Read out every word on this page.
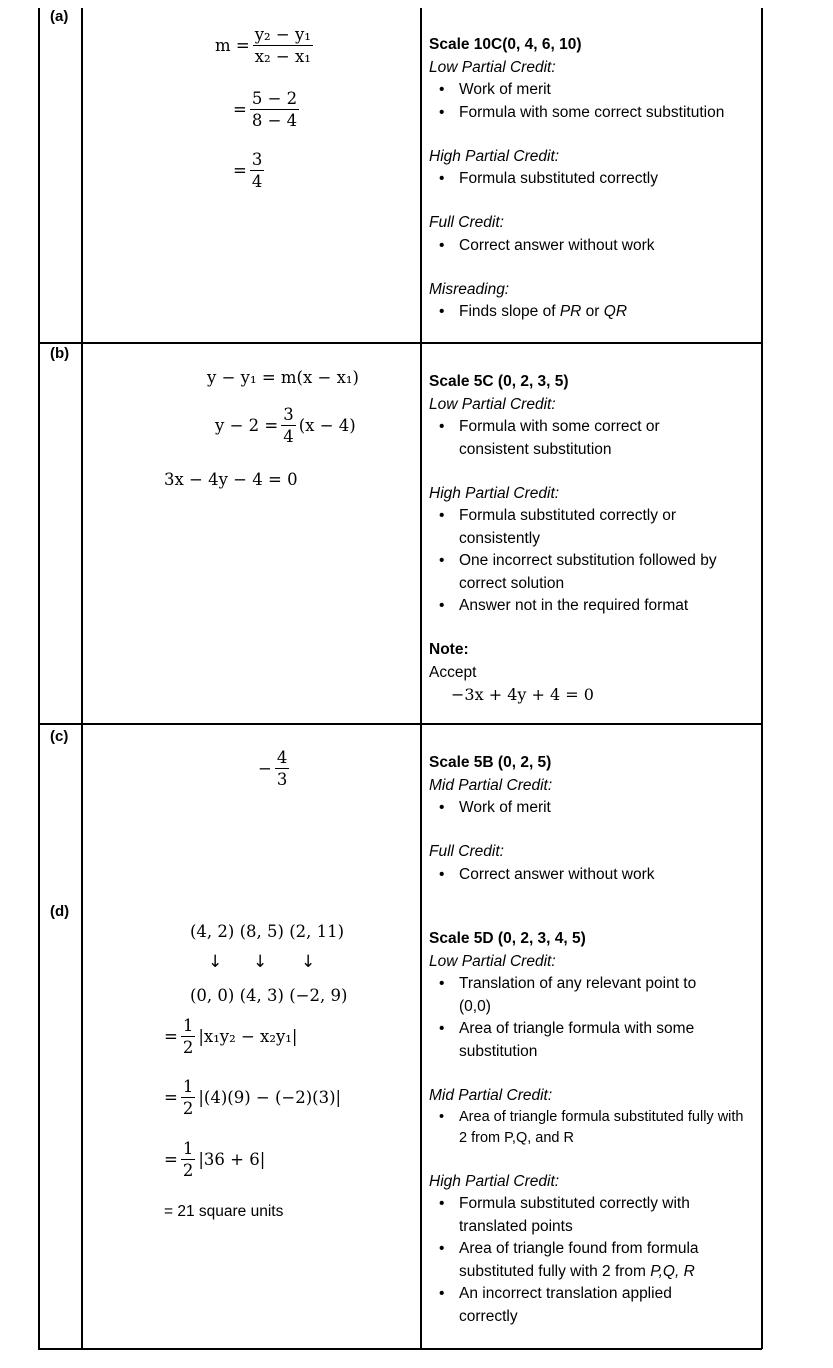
(a)
$m = \frac{\text{y₂ − y₁}}{\text{x₂ − x₁}}$
= $\frac{5 - 2}{8 - 4}$
= $\frac{3}{4}$
Scale 10C(0, 4, 6, 10)
Low Partial Credit:
• Work of merit
• Formula with some correct substitution
High Partial Credit:
• Formula substituted correctly
Full Credit:
• Correct answer without work
Misreading:
• Finds slope of PR or QR
(b)
y − y₁ = m(x − x₁)
$y - 2 = \frac{3}{4} (x - 4)$
3x − 4y − 4 = 0
Scale 5C (0, 2, 3, 5)
Low Partial Credit:
• Formula with some correct or consistent substitution
High Partial Credit:
• Formula substituted correctly or consistently
• One incorrect substitution followed by correct solution
• Answer not in the required format
Note:
Accept
−3x + 4y + 4 = 0
(c)
− $\frac{4}{3}$	Scale 5B (0, 2, 5)
Mid Partial Credit:
• Work of merit
Full Credit:
• Correct answer without work
(d)
(4, 2) (8, 5) (2, 11)
↓ ↓ ↓
(0, 0) (4, 3) (−2, 9)
= $\frac{1}{2} |x_1y_2 - x_2y_1|$
= $\frac{1}{2} |(4)(9) - (-2)(3)|$
= $\frac{1}{2} |36 + 6|$
= 21 square units
Scale 5D (0, 2, 3, 4, 5)
Low Partial Credit:
• Translation of any relevant point to (0,0)
• Area of triangle formula with some substitution
Mid Partial Credit:
• Area of triangle formula substituted fully with 2 from P,Q, and R
High Partial Credit:
• Formula substituted correctly with translated points
• Area of triangle found from formula substituted fully with 2 from P,Q, R
• An incorrect translation applied correctly
